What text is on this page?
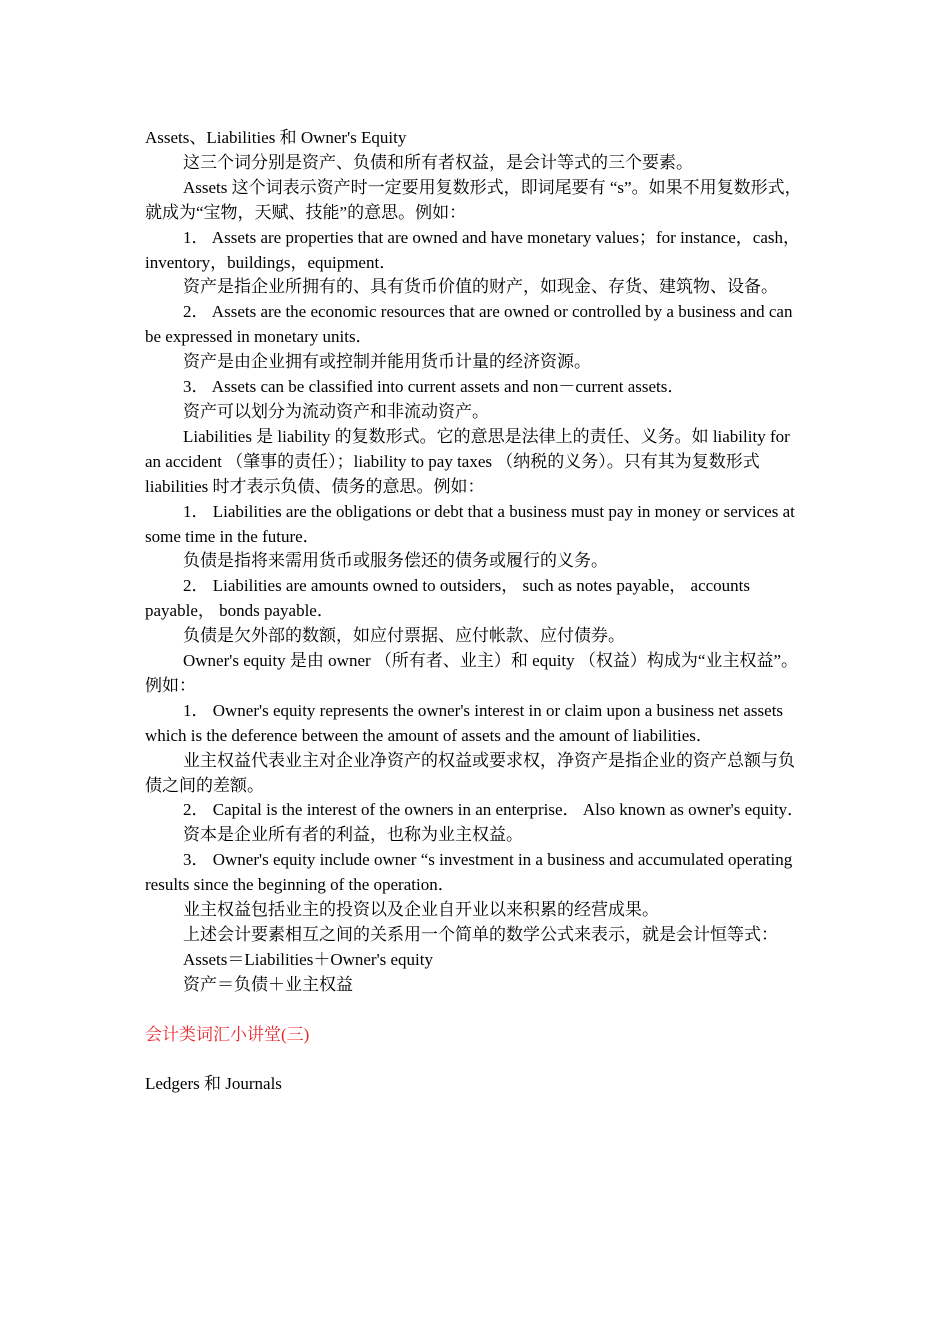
Assets、Liabilities 和 Owner's Equity

这三个词分别是资产、负债和所有者权益，是会计等式的三个要素。

Assets 这个词表示资产时一定要用复数形式，即词尾要有 “s”。如果不用复数形式，就成为“宝物，天赋、技能”的意思。例如：

1． Assets are properties that are owned and have monetary values；for instance，cash，inventory，buildings，equipment．

资产是指企业所拥有的、具有货币价值的财产，如现金、存货、建筑物、设备。

2． Assets are the economic resources that are owned or controlled by a business and can be expressed in monetary units．

资产是由企业拥有或控制并能用货币计量的经济资源。

3． Assets can be classified into current assets and non－current assets．

资产可以划分为流动资产和非流动资产。

Liabilities 是 liability 的复数形式。它的意思是法律上的责任、义务。如 liability for an accident （肇事的责任）；liability to pay taxes （纳税的义务）。只有其为复数形式 liabilities 时才表示负债、债务的意思。例如：

1． Liabilities are the obligations or debt that a business must pay in money or services at some time in the future．

负债是指将来需用货币或服务偿还的债务或履行的义务。

2． Liabilities are amounts owned to outsiders， such as notes payable， accounts payable， bonds payable．

负债是欠外部的数额，如应付票据、应付帐款、应付债券。

Owner's equity 是由 owner （所有者、业主）和 equity （权益）构成为“业主权益”。例如：

1． Owner's equity represents the owner's interest in or claim upon a business net assets which is the deference between the amount of assets and the amount of liabilities．

业主权益代表业主对企业净资产的权益或要求权，净资产是指企业的资产总额与负债之间的差额。

2． Capital is the interest of the owners in an enterprise． Also known as owner's equity．

资本是企业所有者的利益，也称为业主权益。

3． Owner's equity include owner “s investment in a business and accumulated operating results since the beginning of the operation．

业主权益包括业主的投资以及企业自开业以来积累的经营成果。

上述会计要素相互之间的关系用一个简单的数学公式来表示，就是会计恒等式：

Assets＝Liabilities＋Owner's equity

资产＝负债＋业主权益

会计类词汇小讲堂(三)

Ledgers 和 Journals
